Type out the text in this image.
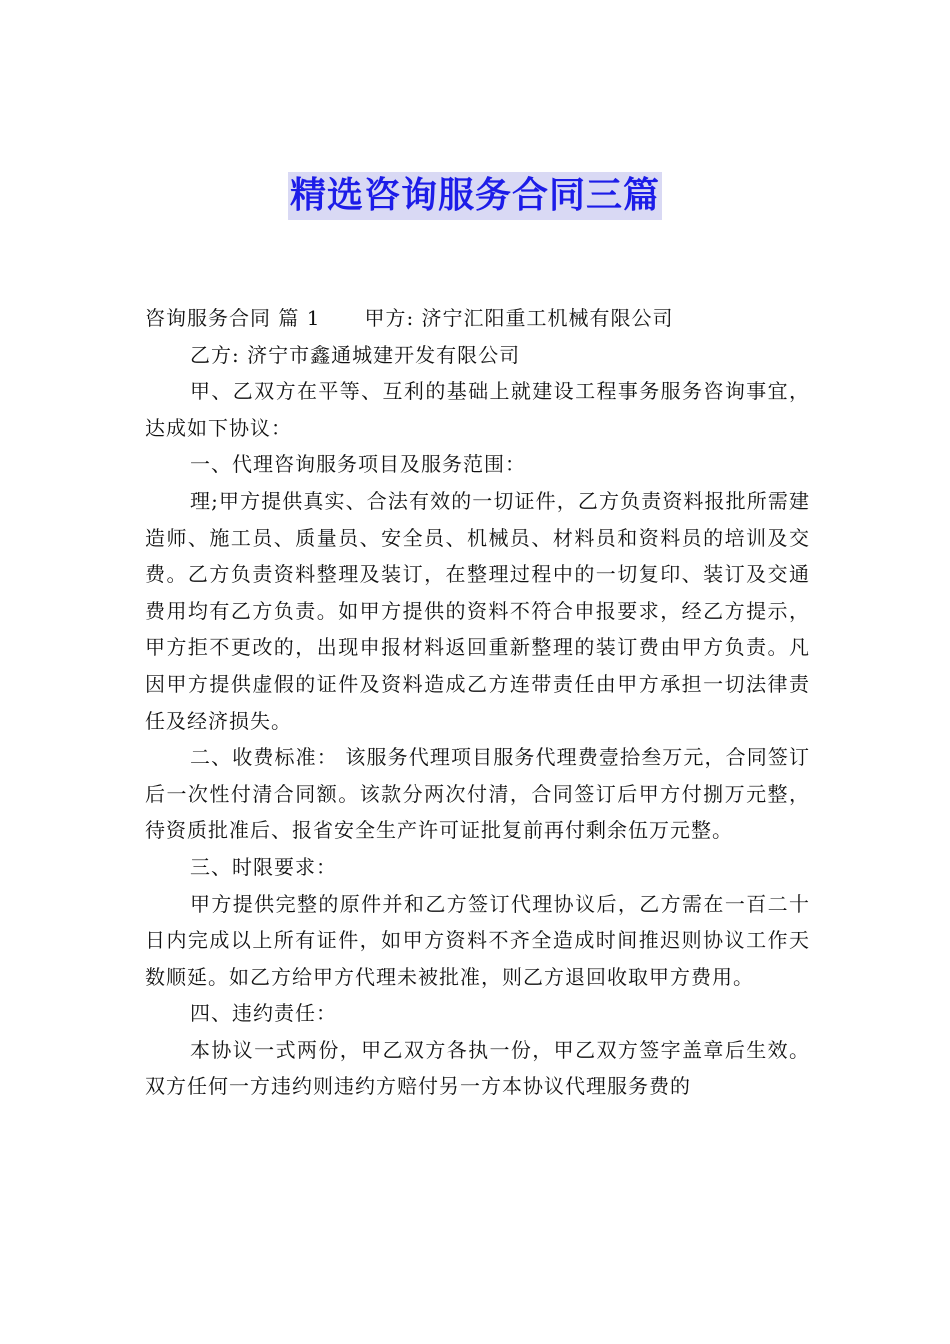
精选咨询服务合同三篇

咨询服务合同 篇 1 甲方: 济宁汇阳重工机械有限公司

乙方: 济宁市鑫通城建开发有限公司

甲、乙双方在平等、互利的基础上就建设工程事务服务咨询事宜，达成如下协议：

一、代理咨询服务项目及服务范围：

理;甲方提供真实、合法有效的一切证件，乙方负责资料报批所需建造师、施工员、质量员、安全员、机械员、材料员和资料员的培训及交费。乙方负责资料整理及装订，在整理过程中的一切复印、装订及交通费用均有乙方负责。如甲方提供的资料不符合申报要求，经乙方提示，甲方拒不更改的，出现申报材料返回重新整理的装订费由甲方负责。凡因甲方提供虚假的证件及资料造成乙方连带责任由甲方承担一切法律责任及经济损失。

二、收费标准： 该服务代理项目服务代理费壹拾叁万元，合同签订后一次性付清合同额。该款分两次付清，合同签订后甲方付捌万元整，待资质批准后、报省安全生产许可证批复前再付剩余伍万元整。

三、时限要求：

甲方提供完整的原件并和乙方签订代理协议后，乙方需在一百二十日内完成以上所有证件，如甲方资料不齐全造成时间推迟则协议工作天数顺延。如乙方给甲方代理未被批准，则乙方退回收取甲方费用。

四、违约责任：

本协议一式两份，甲乙双方各执一份，甲乙双方签字盖章后生效。双方任何一方违约则违约方赔付另一方本协议代理服务费的
